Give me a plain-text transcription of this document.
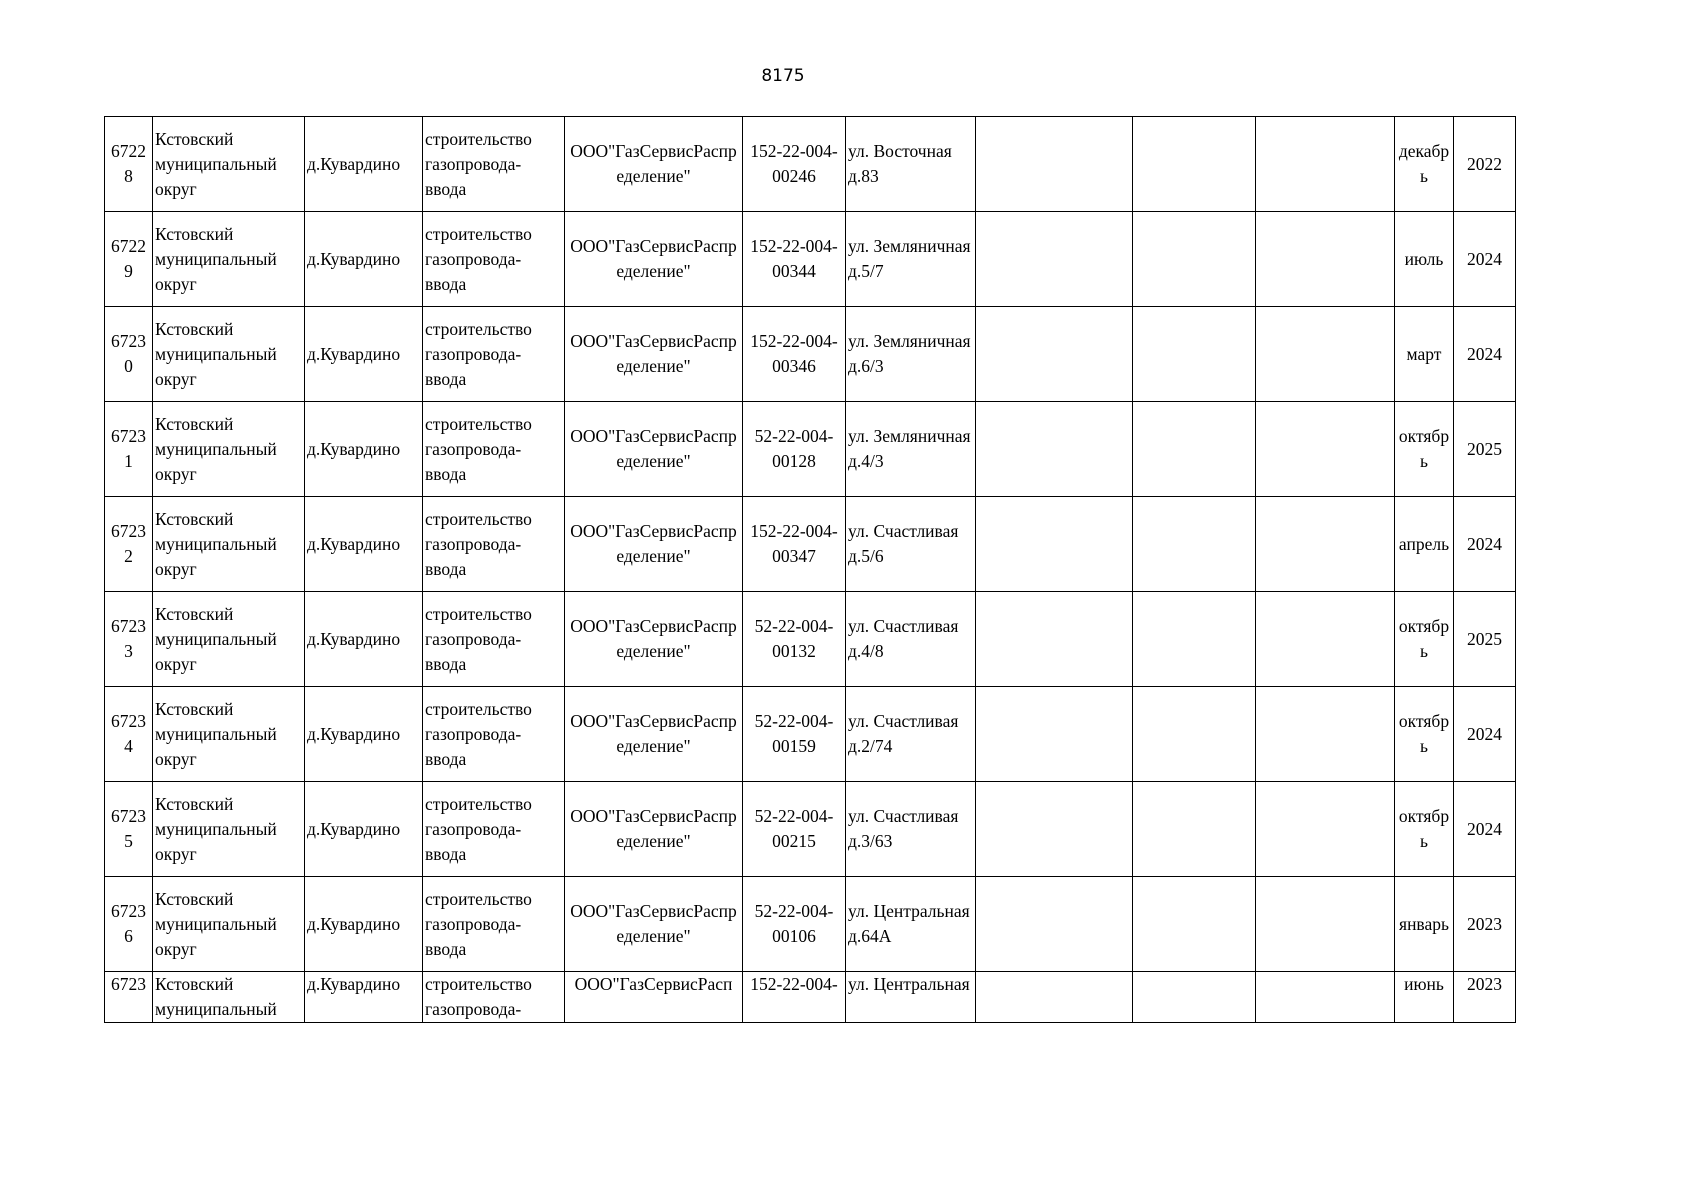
8175
67228	Кстовский муниципальный округ	д.Кувардино	строительство газопровода-ввода	ООО"ГазСервисРаспределение"	152-22-004-00246	ул. Восточная д.83				декабрь	2022
67229	Кстовский муниципальный округ	д.Кувардино	строительство газопровода-ввода	ООО"ГазСервисРаспределение"	152-22-004-00344	ул. Земляничная д.5/7				июль	2024
67230	Кстовский муниципальный округ	д.Кувардино	строительство газопровода-ввода	ООО"ГазСервисРаспределение"	152-22-004-00346	ул. Земляничная д.6/3				март	2024
67231	Кстовский муниципальный округ	д.Кувардино	строительство газопровода-ввода	ООО"ГазСервисРаспределение"	52-22-004-00128	ул. Земляничная д.4/3				октябрь	2025
67232	Кстовский муниципальный округ	д.Кувардино	строительство газопровода-ввода	ООО"ГазСервисРаспределение"	152-22-004-00347	ул. Счастливая д.5/6				апрель	2024
67233	Кстовский муниципальный округ	д.Кувардино	строительство газопровода-ввода	ООО"ГазСервисРаспределение"	52-22-004-00132	ул. Счастливая д.4/8				октябрь	2025
67234	Кстовский муниципальный округ	д.Кувардино	строительство газопровода-ввода	ООО"ГазСервисРаспределение"	52-22-004-00159	ул. Счастливая д.2/74				октябрь	2024
67235	Кстовский муниципальный округ	д.Кувардино	строительство газопровода-ввода	ООО"ГазСервисРаспределение"	52-22-004-00215	ул. Счастливая д.3/63				октябрь	2024
67236	Кстовский муниципальный округ	д.Кувардино	строительство газопровода-ввода	ООО"ГазСервисРаспределение"	52-22-004-00106	ул. Центральная д.64А				январь	2023
6723	Кстовский муниципальный	д.Кувардино	строительство газопровода-	ООО"ГазСервисРасп	152-22-004-	ул. Центральная				июнь	2023
